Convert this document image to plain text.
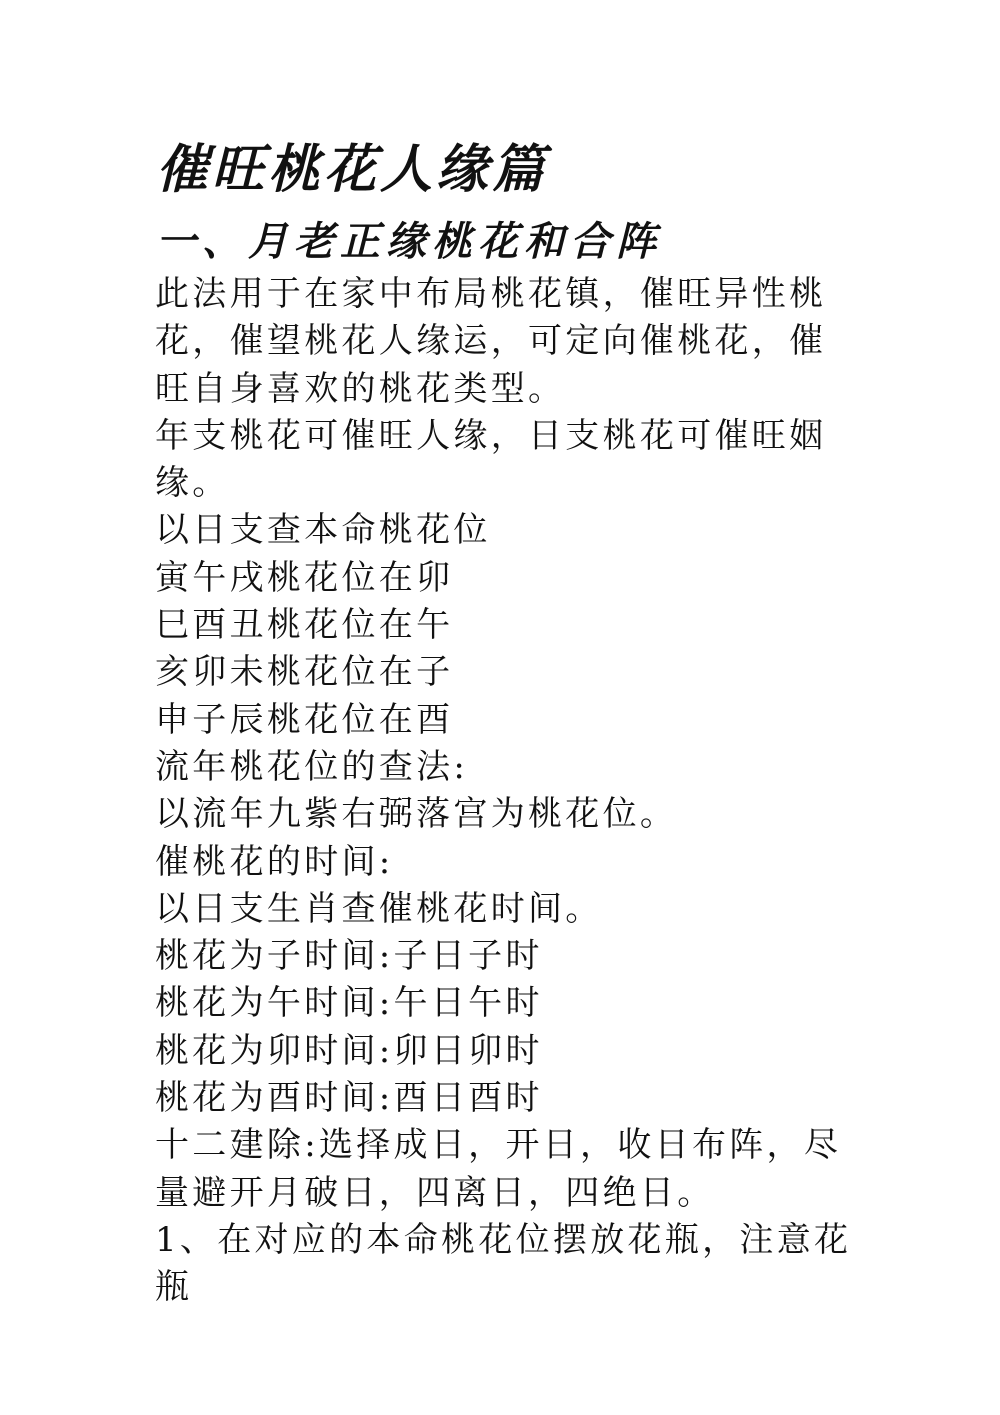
催旺桃花人缘篇
一、月老正缘桃花和合阵

此法用于在家中布局桃花镇，催旺异性桃花，催望桃花人缘运，可定向催桃花，催旺自身喜欢的桃花类型。

年支桃花可催旺人缘，日支桃花可催旺姻缘。

以日支查本命桃花位

寅午戌桃花位在卯

巳酉丑桃花位在午

亥卯未桃花位在子

申子辰桃花位在酉

流年桃花位的查法:

以流年九紫右弼落宫为桃花位。

催桃花的时间:

以日支生肖查催桃花时间。

桃花为子时间:子日子时

桃花为午时间:午日午时

桃花为卯时间:卯日卯时

桃花为酉时间:酉日酉时

十二建除:选择成日，开日，收日布阵，尽量避开月破日，四离日，四绝日。

1、在对应的本命桃花位摆放花瓶，注意花瓶
